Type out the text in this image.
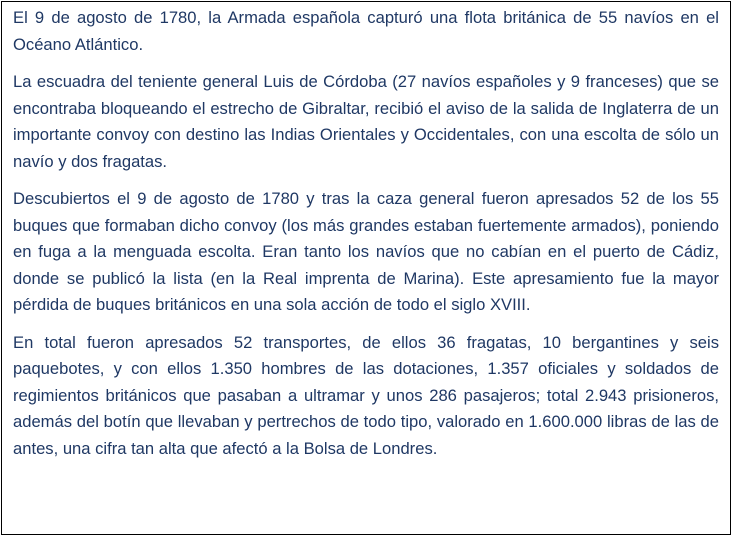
El 9 de agosto de 1780, la Armada española capturó una flota británica de 55 navíos en el Océano Atlántico.

La escuadra del teniente general Luis de Córdoba (27 navíos españoles y 9 franceses) que se encontraba bloqueando el estrecho de Gibraltar, recibió el aviso de la salida de Inglaterra de un importante convoy con destino las Indias Orientales y Occidentales, con una escolta de sólo un navío y dos fragatas.

Descubiertos el 9 de agosto de 1780 y tras la caza general fueron apresados 52 de los 55 buques que formaban dicho convoy (los más grandes estaban fuertemente armados), poniendo en fuga a la menguada escolta. Eran tanto los navíos que no cabían en el puerto de Cádiz, donde se publicó la lista (en la Real imprenta de Marina). Este apresamiento fue la mayor pérdida de buques británicos en una sola acción de todo el siglo XVIII.

En total fueron apresados 52 transportes, de ellos 36 fragatas, 10 bergantines y seis paquebotes, y con ellos 1.350 hombres de las dotaciones, 1.357 oficiales y soldados de regimientos británicos que pasaban a ultramar y unos 286 pasajeros; total 2.943 prisioneros, además del botín que llevaban y pertrechos de todo tipo, valorado en 1.600.000 libras de las de antes, una cifra tan alta que afectó a la Bolsa de Londres.
